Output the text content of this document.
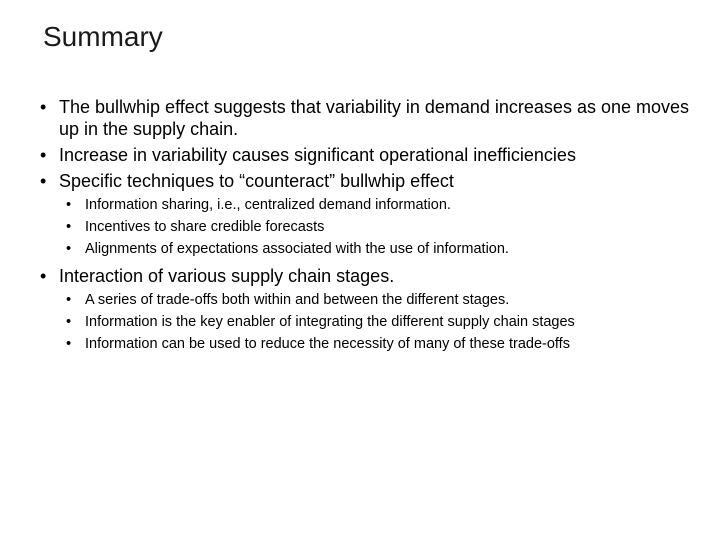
Summary
• The bullwhip effect suggests that variability in demand increases as one moves up in the supply chain.
• Increase in variability causes significant operational inefficiencies
• Specific techniques to “counteract” bullwhip effect
• Information sharing, i.e., centralized demand information.
• Incentives to share credible forecasts
• Alignments of expectations associated with the use of information.
• Interaction of various supply chain stages.
• A series of trade-offs both within and between the different stages.
• Information is the key enabler of integrating the different supply chain stages
• Information can be used to reduce the necessity of many of these trade-offs
